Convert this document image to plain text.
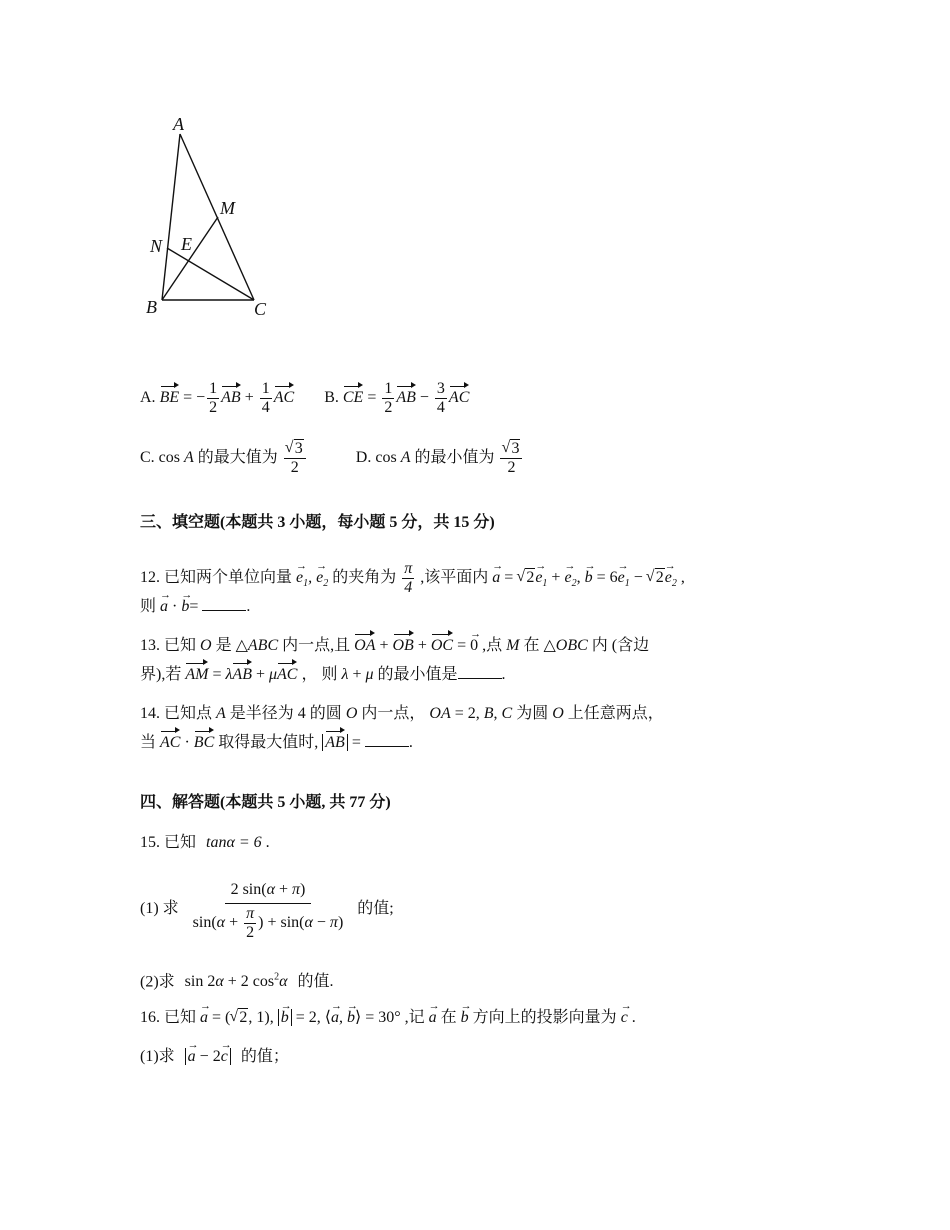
A
M
N E
B	C
A. BE = − $\frac{1}{2}$ AB + $\frac{1}{4}$ AC B. CE = $\frac{1}{2}$ AB − $\frac{3}{4}$ AC
C. cos A 的最大值为 √ $\frac{3}{2}$	D. cos A 的最小值为 √ $\frac{3}{2}$
三、填空题(本题共 3 小题，每小题 5 分，共 15 分)
12. 已知两个单位向量 $e \to_1$, $e \to_2$ 的夹角为 $\frac{\pi}{4}$ ,该平面内 a → = √ $2e \to_1 + e \to_2$, b → = $6e \to_1$ − √ $2e \to_2$ ,
则 a → · b →=	.
13. 已知 O 是 △ABC 内一点,且 OA + OB + OC = 0 → ,点 M 在 △OBC 内 (含边
界),若 AM = λAB + μAC ， 则 λ + μ 的最小值是	.
14. 已知点 A 是半径为 4 的圆 O 内一点， OA = 2, B, C 为圆 O 上任意两点，
当 AC · BC 取得最大值时, AB =	.
四、解答题(本题共 5 小题, 共 77 分)
15. 已知 tanα = 6 .
(1) 求 $\frac{2 \sin(\alpha + \pi)}{\sin(\alpha + \frac{\pi}{2} ) + \sin(\alpha - \pi)}$ 的值;
(2)求 sin 2α + 2 $\cos^2\alpha$ 的值.
16. 已知 a → = ( √ 2, 1), b → = 2, ⟨a →, b →⟩ = 30° ,记 a → 在 b → 方向上的投影向量为 c → .
(1)求 a → − 2c → 的值；
